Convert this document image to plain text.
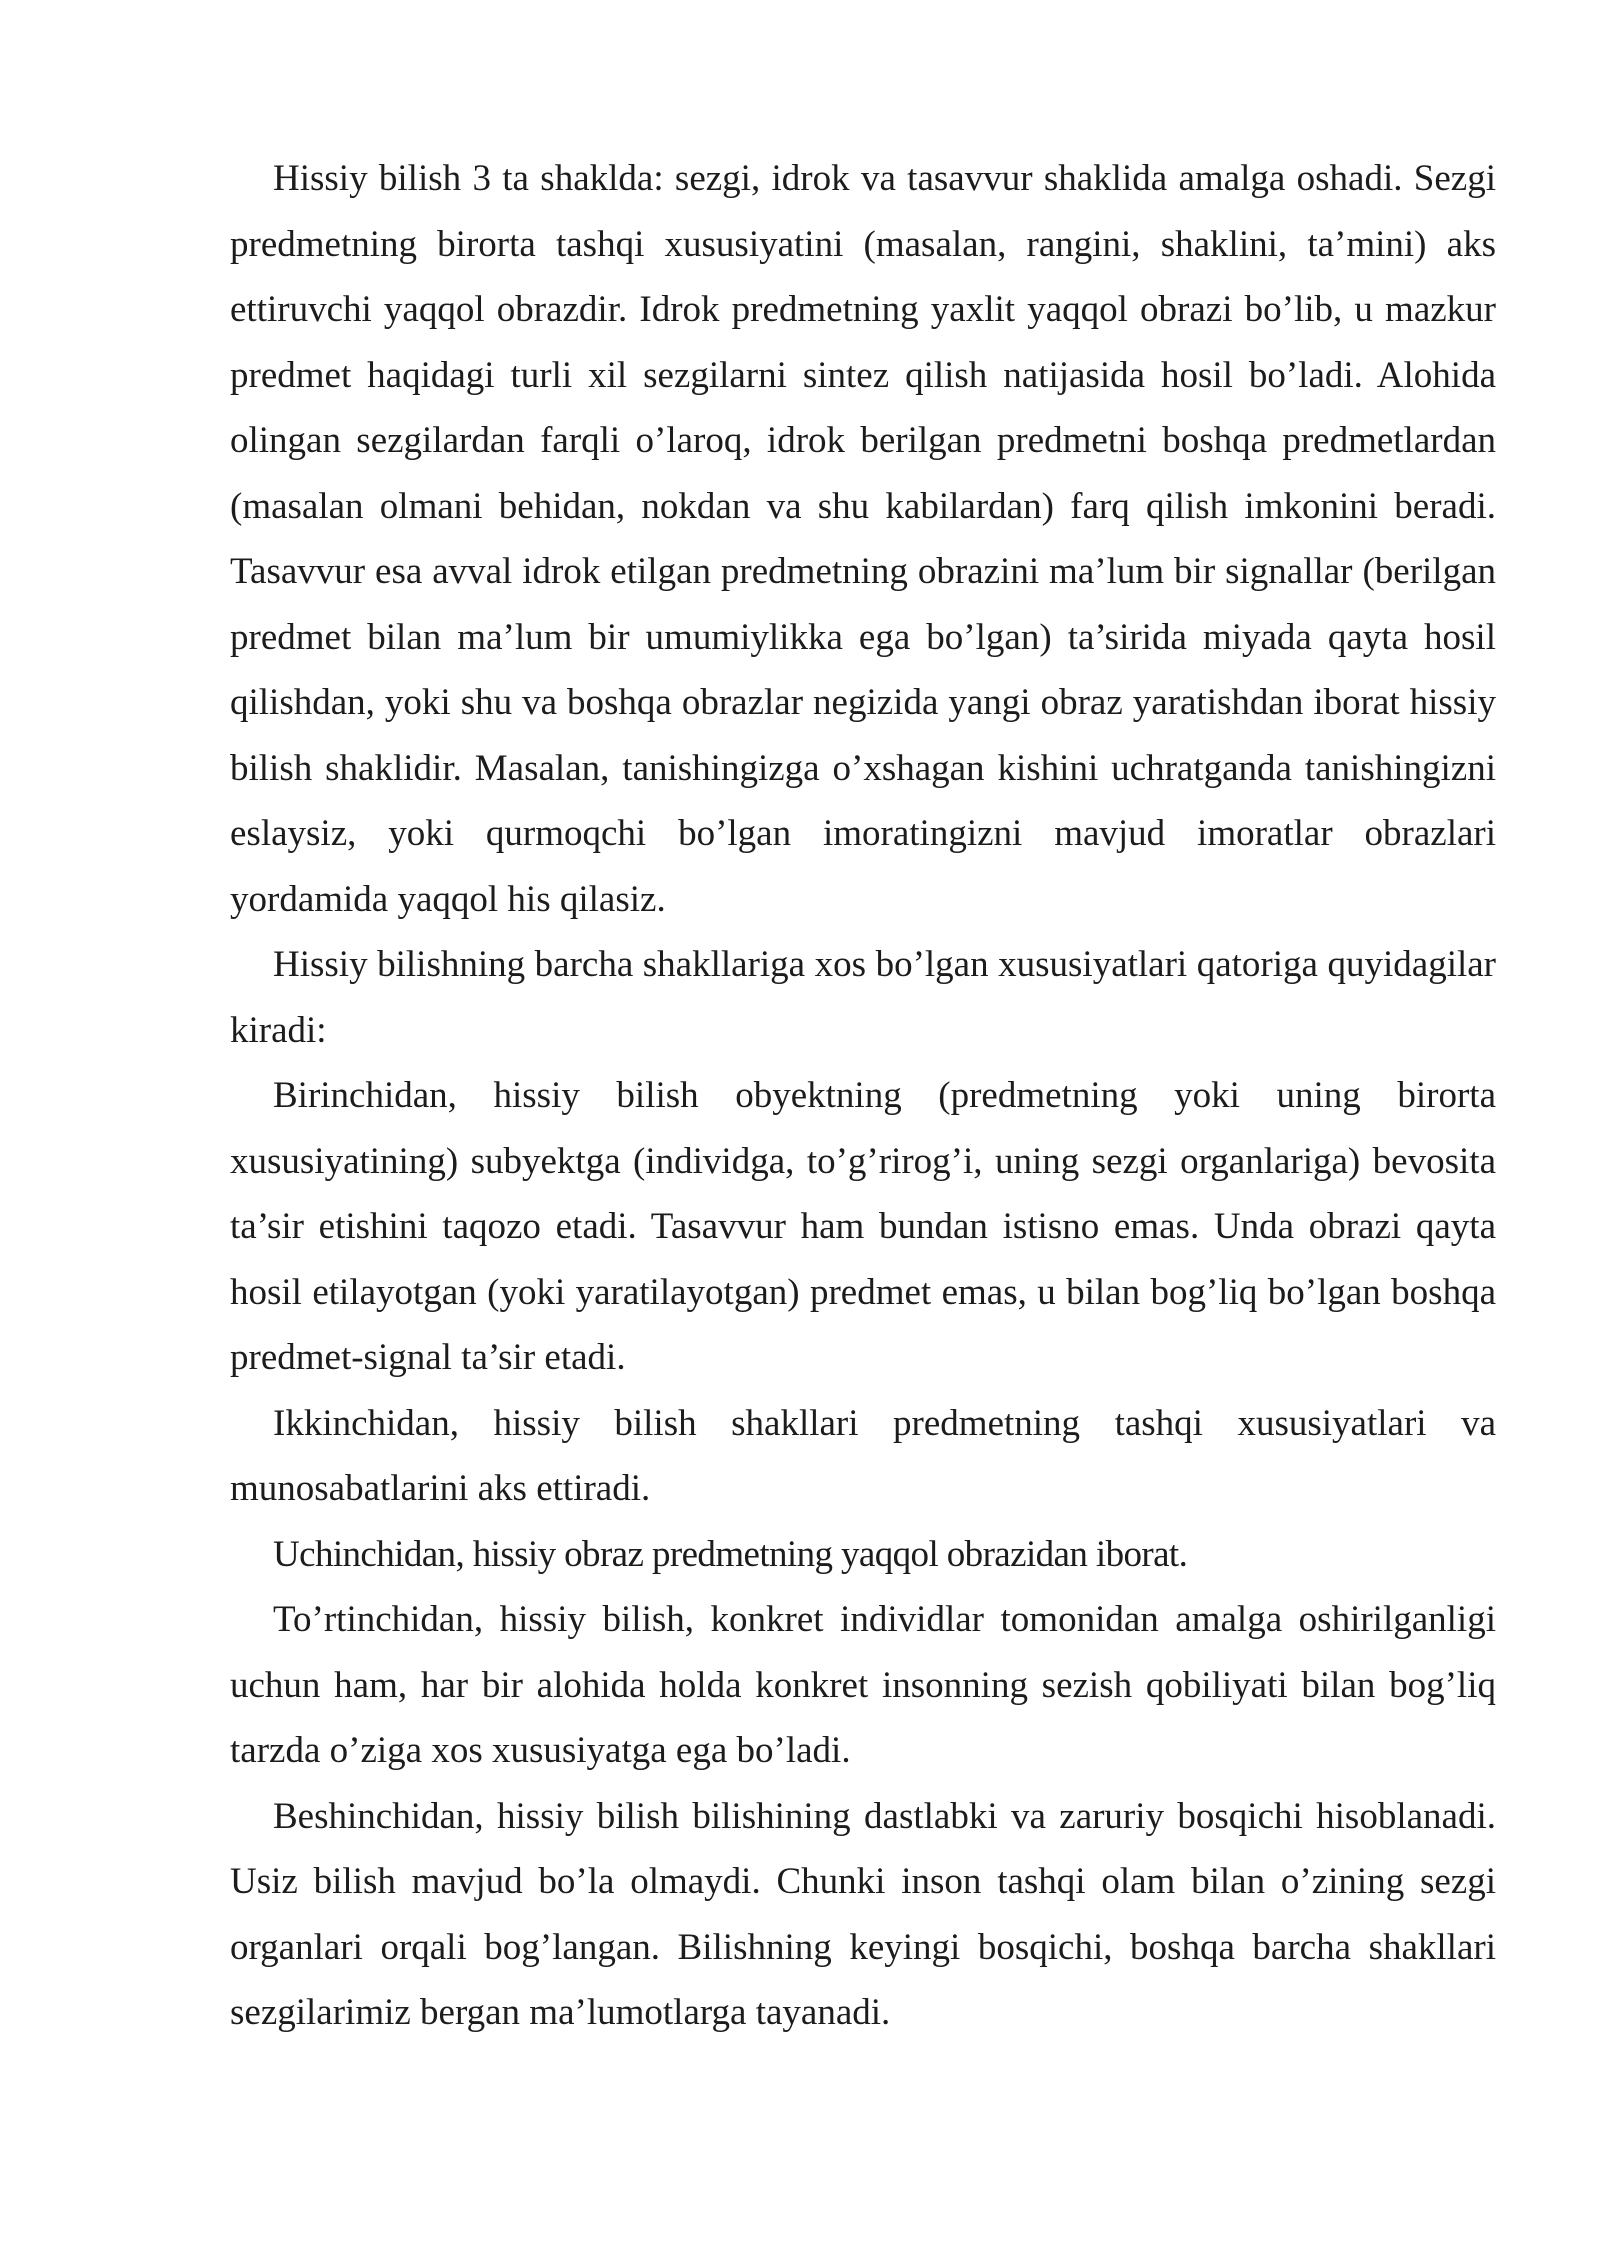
Hissiy bilish 3 ta shaklda: sezgi, idrok va tasavvur shaklida amalga oshadi. Sezgi predmetning birorta tashqi xususiyatini (masalan, rangini, shaklini, ta’mini) aks ettiruvchi yaqqol obrazdir. Idrok predmetning yaxlit yaqqol obrazi bo’lib, u mazkur predmet haqidagi turli xil sezgilarni sintez qilish natijasida hosil bo’ladi. Alohida olingan sezgilardan farqli o’laroq, idrok berilgan predmetni boshqa predmetlardan (masalan olmani behidan, nokdan va shu kabilardan) farq qilish imkonini beradi. Tasavvur esa avval idrok etilgan predmetning obrazini ma’lum bir signallar (berilgan predmet bilan ma’lum bir umumiylikka ega bo’lgan) ta’sirida miyada qayta hosil qilishdan, yoki shu va boshqa obrazlar negizida yangi obraz yaratishdan iborat hissiy bilish shaklidir. Masalan, tanishingizga o’xshagan kishini uchratganda tanishingizni eslaysiz, yoki qurmoqchi bo’lgan imoratingizni mavjud imoratlar obrazlari yordamida yaqqol his qilasiz.

Hissiy bilishning barcha shakllariga xos bo’lgan xususiyatlari qatoriga quyidagilar kiradi:

Birinchidan, hissiy bilish obyektning (predmetning yoki uning birorta xususiyatining) subyektga (individga, to’g’rirog’i, uning sezgi organlariga) bevosita ta’sir etishini taqozo etadi. Tasavvur ham bundan istisno emas. Unda obrazi qayta hosil etilayotgan (yoki yaratilayotgan) predmet emas, u bilan bog’liq bo’lgan boshqa predmet-signal ta’sir etadi.

Ikkinchidan, hissiy bilish shakllari predmetning tashqi xususiyatlari va munosabatlarini aks ettiradi.

Uchinchidan, hissiy obraz predmetning yaqqol obrazidan iborat.

To’rtinchidan, hissiy bilish, konkret individlar tomonidan amalga oshirilganligi uchun ham, har bir alohida holda konkret insonning sezish qobiliyati bilan bog’liq tarzda o’ziga xos xususiyatga ega bo’ladi.

Beshinchidan, hissiy bilish bilishining dastlabki va zaruriy bosqichi hisoblanadi. Usiz bilish mavjud bo’la olmaydi. Chunki inson tashqi olam bilan o’zining sezgi organlari orqali bog’langan. Bilishning keyingi bosqichi, boshqa barcha shakllari sezgilarimiz bergan ma’lumotlarga tayanadi.
